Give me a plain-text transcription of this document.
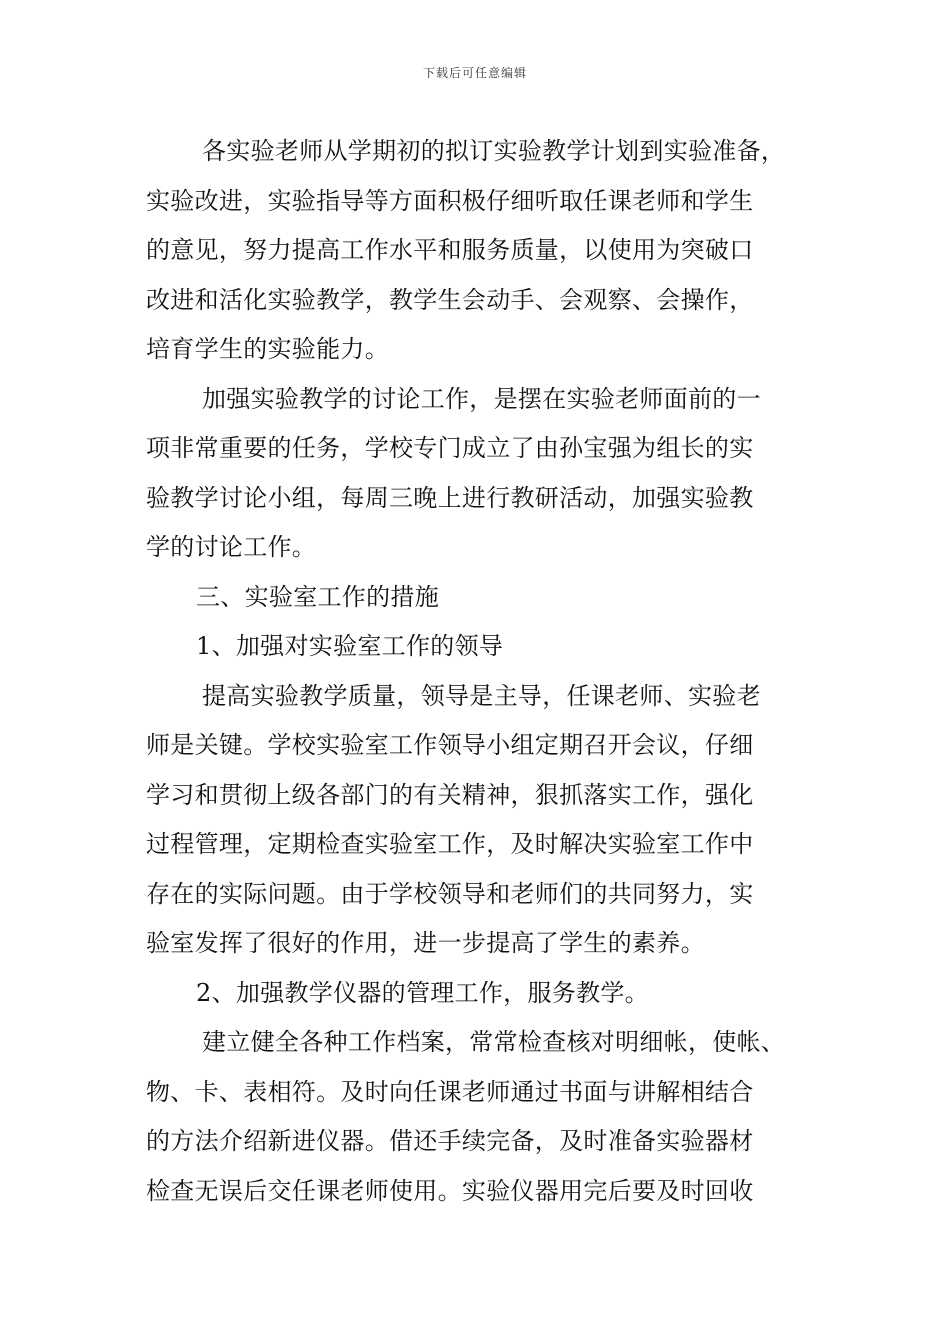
下载后可任意编辑

各实验老师从学期初的拟订实验教学计划到实验准备，
实验改进，实验指导等方面积极仔细听取任课老师和学生
的意见，努力提高工作水平和服务质量，以使用为突破口
改进和活化实验教学，教学生会动手、会观察、会操作，
培育学生的实验能力。

加强实验教学的讨论工作，是摆在实验老师面前的一
项非常重要的任务，学校专门成立了由孙宝强为组长的实
验教学讨论小组，每周三晚上进行教研活动，加强实验教
学的讨论工作。

三、实验室工作的措施
1、加强对实验室工作的领导

提高实验教学质量，领导是主导，任课老师、实验老
师是关键。学校实验室工作领导小组定期召开会议，仔细
学习和贯彻上级各部门的有关精神，狠抓落实工作，强化
过程管理，定期检查实验室工作，及时解决实验室工作中
存在的实际问题。由于学校领导和老师们的共同努力，实
验室发挥了很好的作用，进一步提高了学生的素养。

2、加强教学仪器的管理工作，服务教学。

建立健全各种工作档案，常常检查核对明细帐，使帐、
物、卡、表相符。及时向任课老师通过书面与讲解相结合
的方法介绍新进仪器。借还手续完备，及时准备实验器材
检查无误后交任课老师使用。实验仪器用完后要及时回收
